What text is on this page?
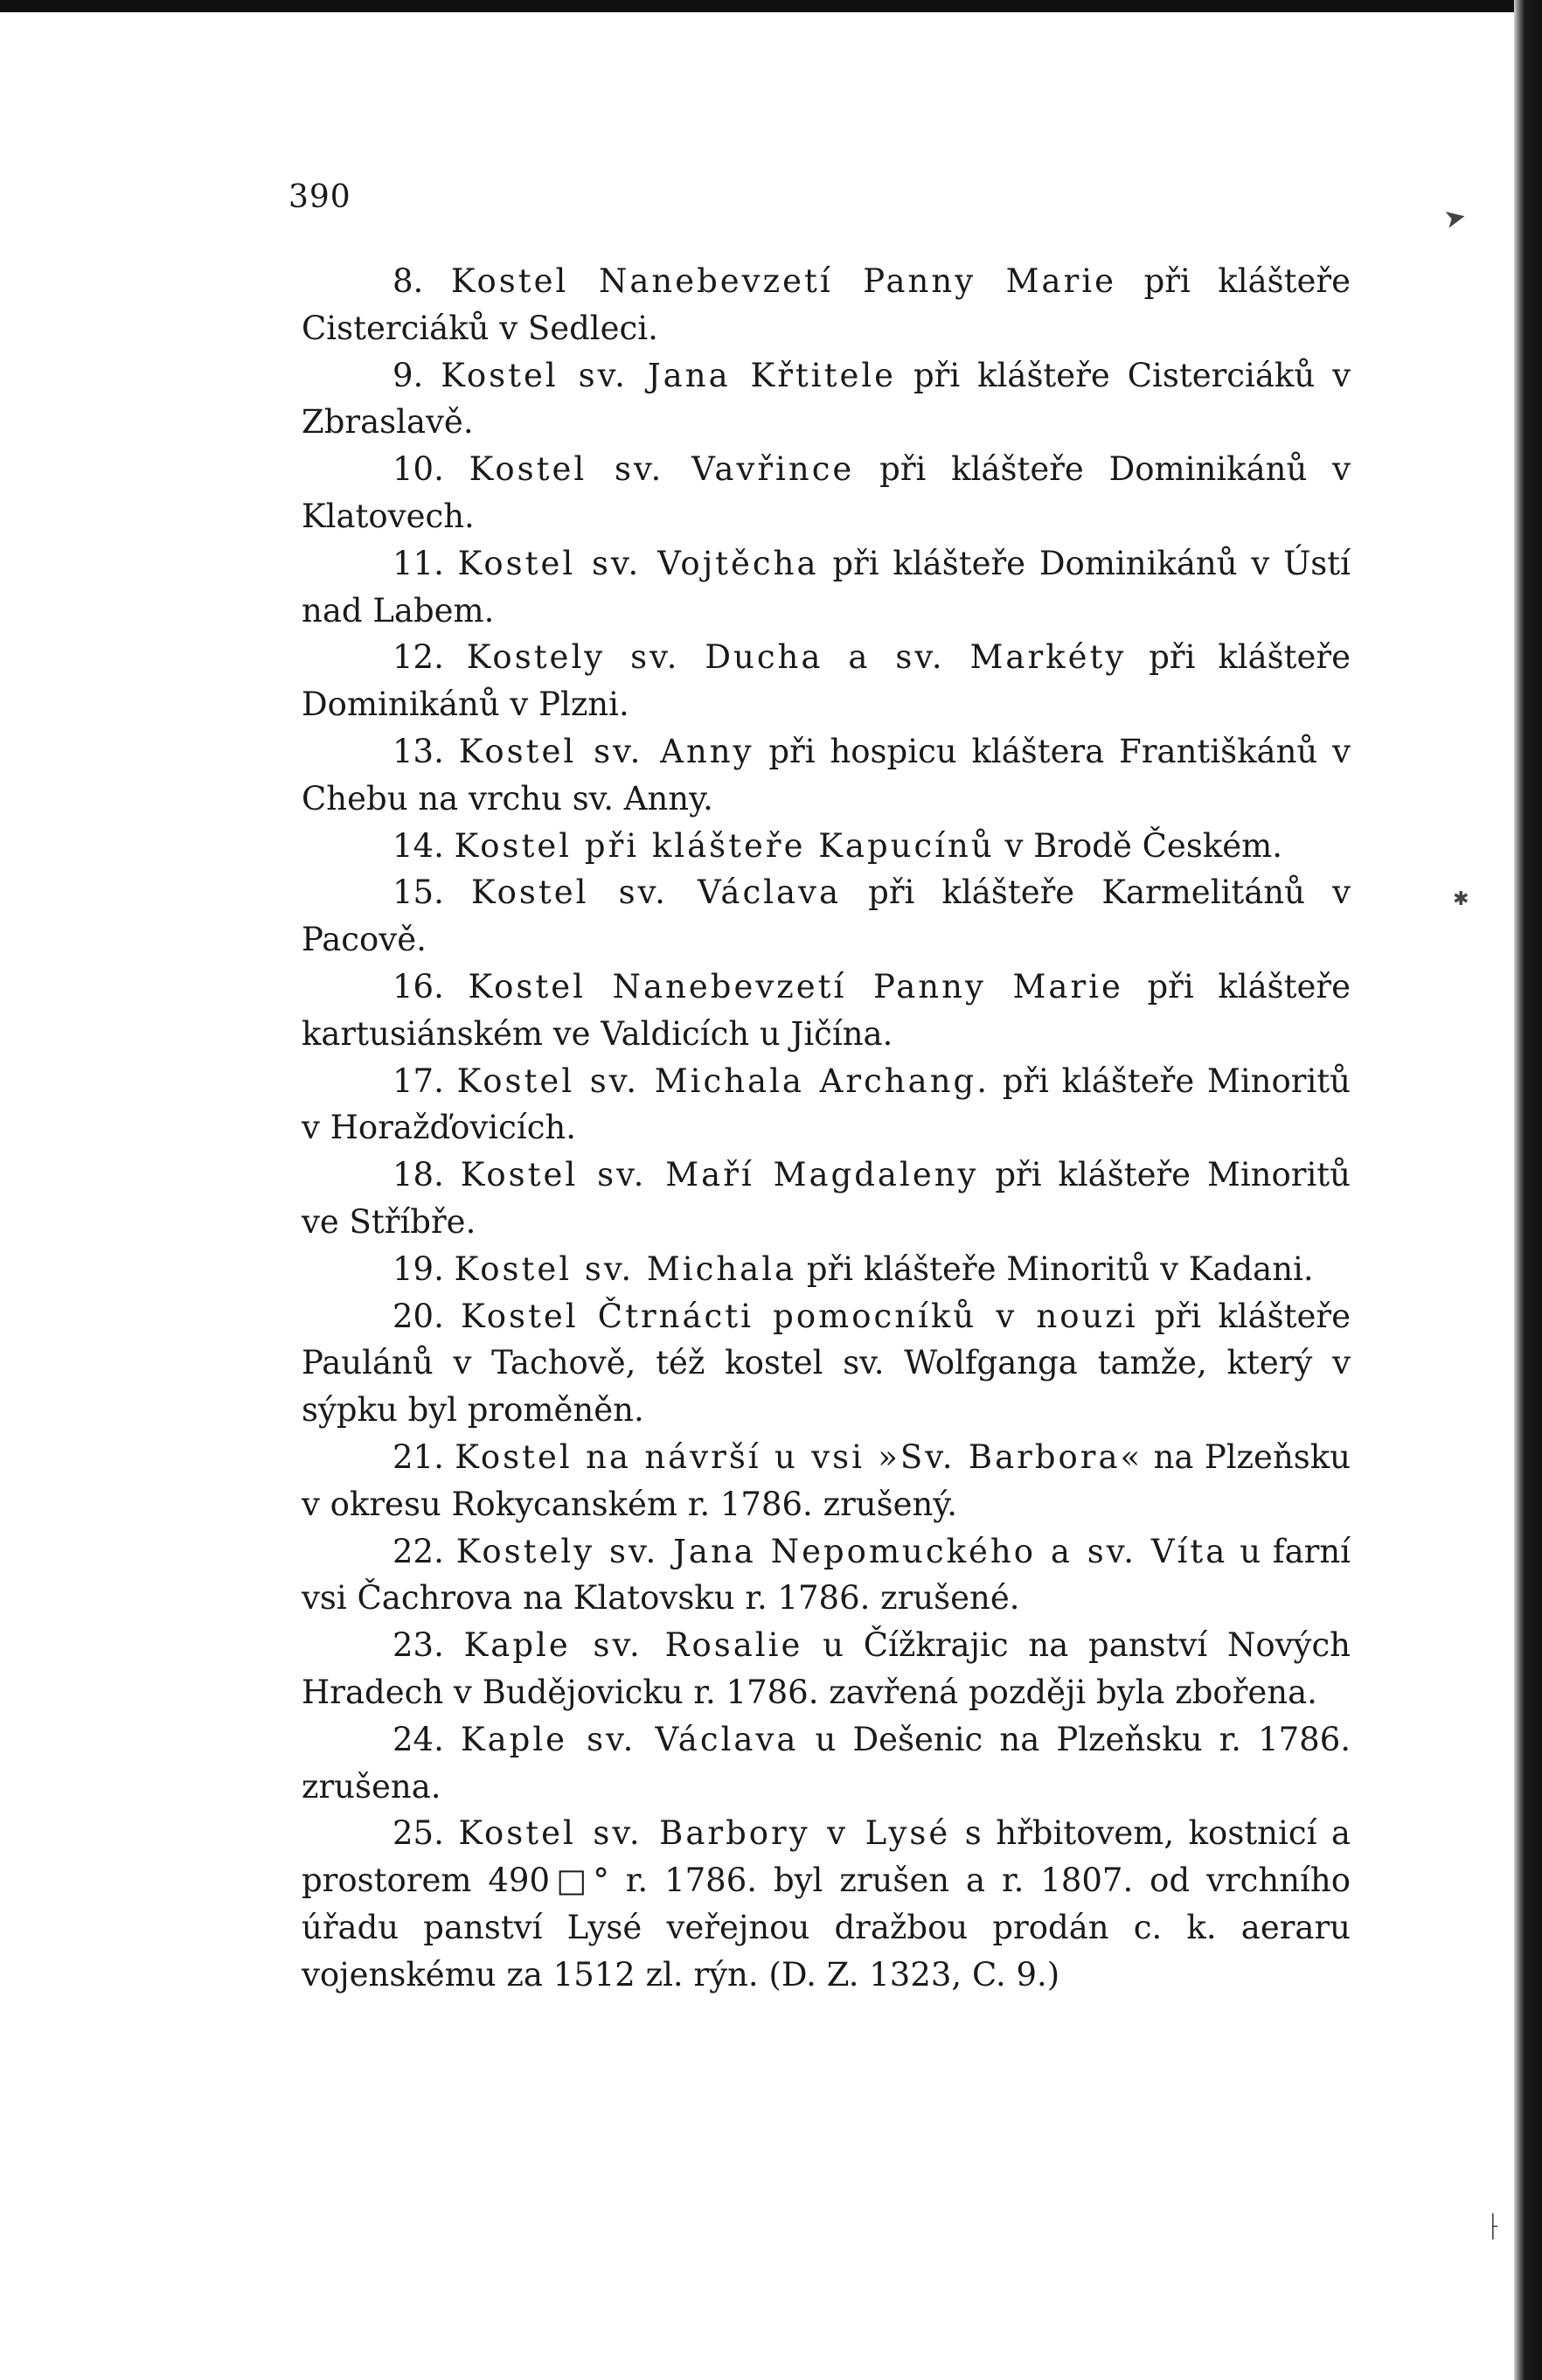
390

8. Kostel Nanebevzetí Panny Marie při klášteře Cisterciáků v Sedleci.

9. Kostel sv. Jana Křtitele při klášteře Cisterciáků v Zbraslavě.

10. Kostel sv. Vavřince při klášteře Dominikánů v Klatovech.

11. Kostel sv. Vojtěcha při klášteře Dominikánů v Ústí nad Labem.

12. Kostely sv. Ducha a sv. Markéty při klášteře Dominikánů v Plzni.

13. Kostel sv. Anny při hospicu kláštera Františkánů v Chebu na vrchu sv. Anny.

14. Kostel při klášteře Kapucínů v Brodě Českém.

15. Kostel sv. Václava při klášteře Karmelitánů v Pacově.

16. Kostel Nanebevzetí Panny Marie při klášteře kartusiánském ve Valdicích u Jičína.

17. Kostel sv. Michala Archang. při klášteře Minoritů v Horažďovicích.

18. Kostel sv. Maří Magdaleny při klášteře Minoritů ve Stříbře.

19. Kostel sv. Michala při klášteře Minoritů v Kadani.

20. Kostel Čtrnácti pomocníků v nouzi při klášteře Paulánů v Tachově, též kostel sv. Wolfganga tamže, který v sýpku byl proměněn.

21. Kostel na návrší u vsi »Sv. Barbora« na Plzeňsku v okresu Rokycanském r. 1786. zrušený.

22. Kostely sv. Jana Nepomuckého a sv. Víta u farní vsi Čachrova na Klatovsku r. 1786. zrušené.

23. Kaple sv. Rosalie u Čížkrajic na panství Nových Hradech v Budějovicku r. 1786. zavřená později byla zbořena.

24. Kaple sv. Václava u Dešenic na Plzeňsku r. 1786. zrušena.

25. Kostel sv. Barbory v Lysé s hřbitovem, kostnicí a prostorem 490□° r. 1786. byl zrušen a r. 1807. od vrchního úřadu panství Lysé veřejnou dražbou prodán c. k. aeraru vojenskému za 1512 zl. rýn. (D. Z. 1323, C. 9.)

➤
✱
⸠
